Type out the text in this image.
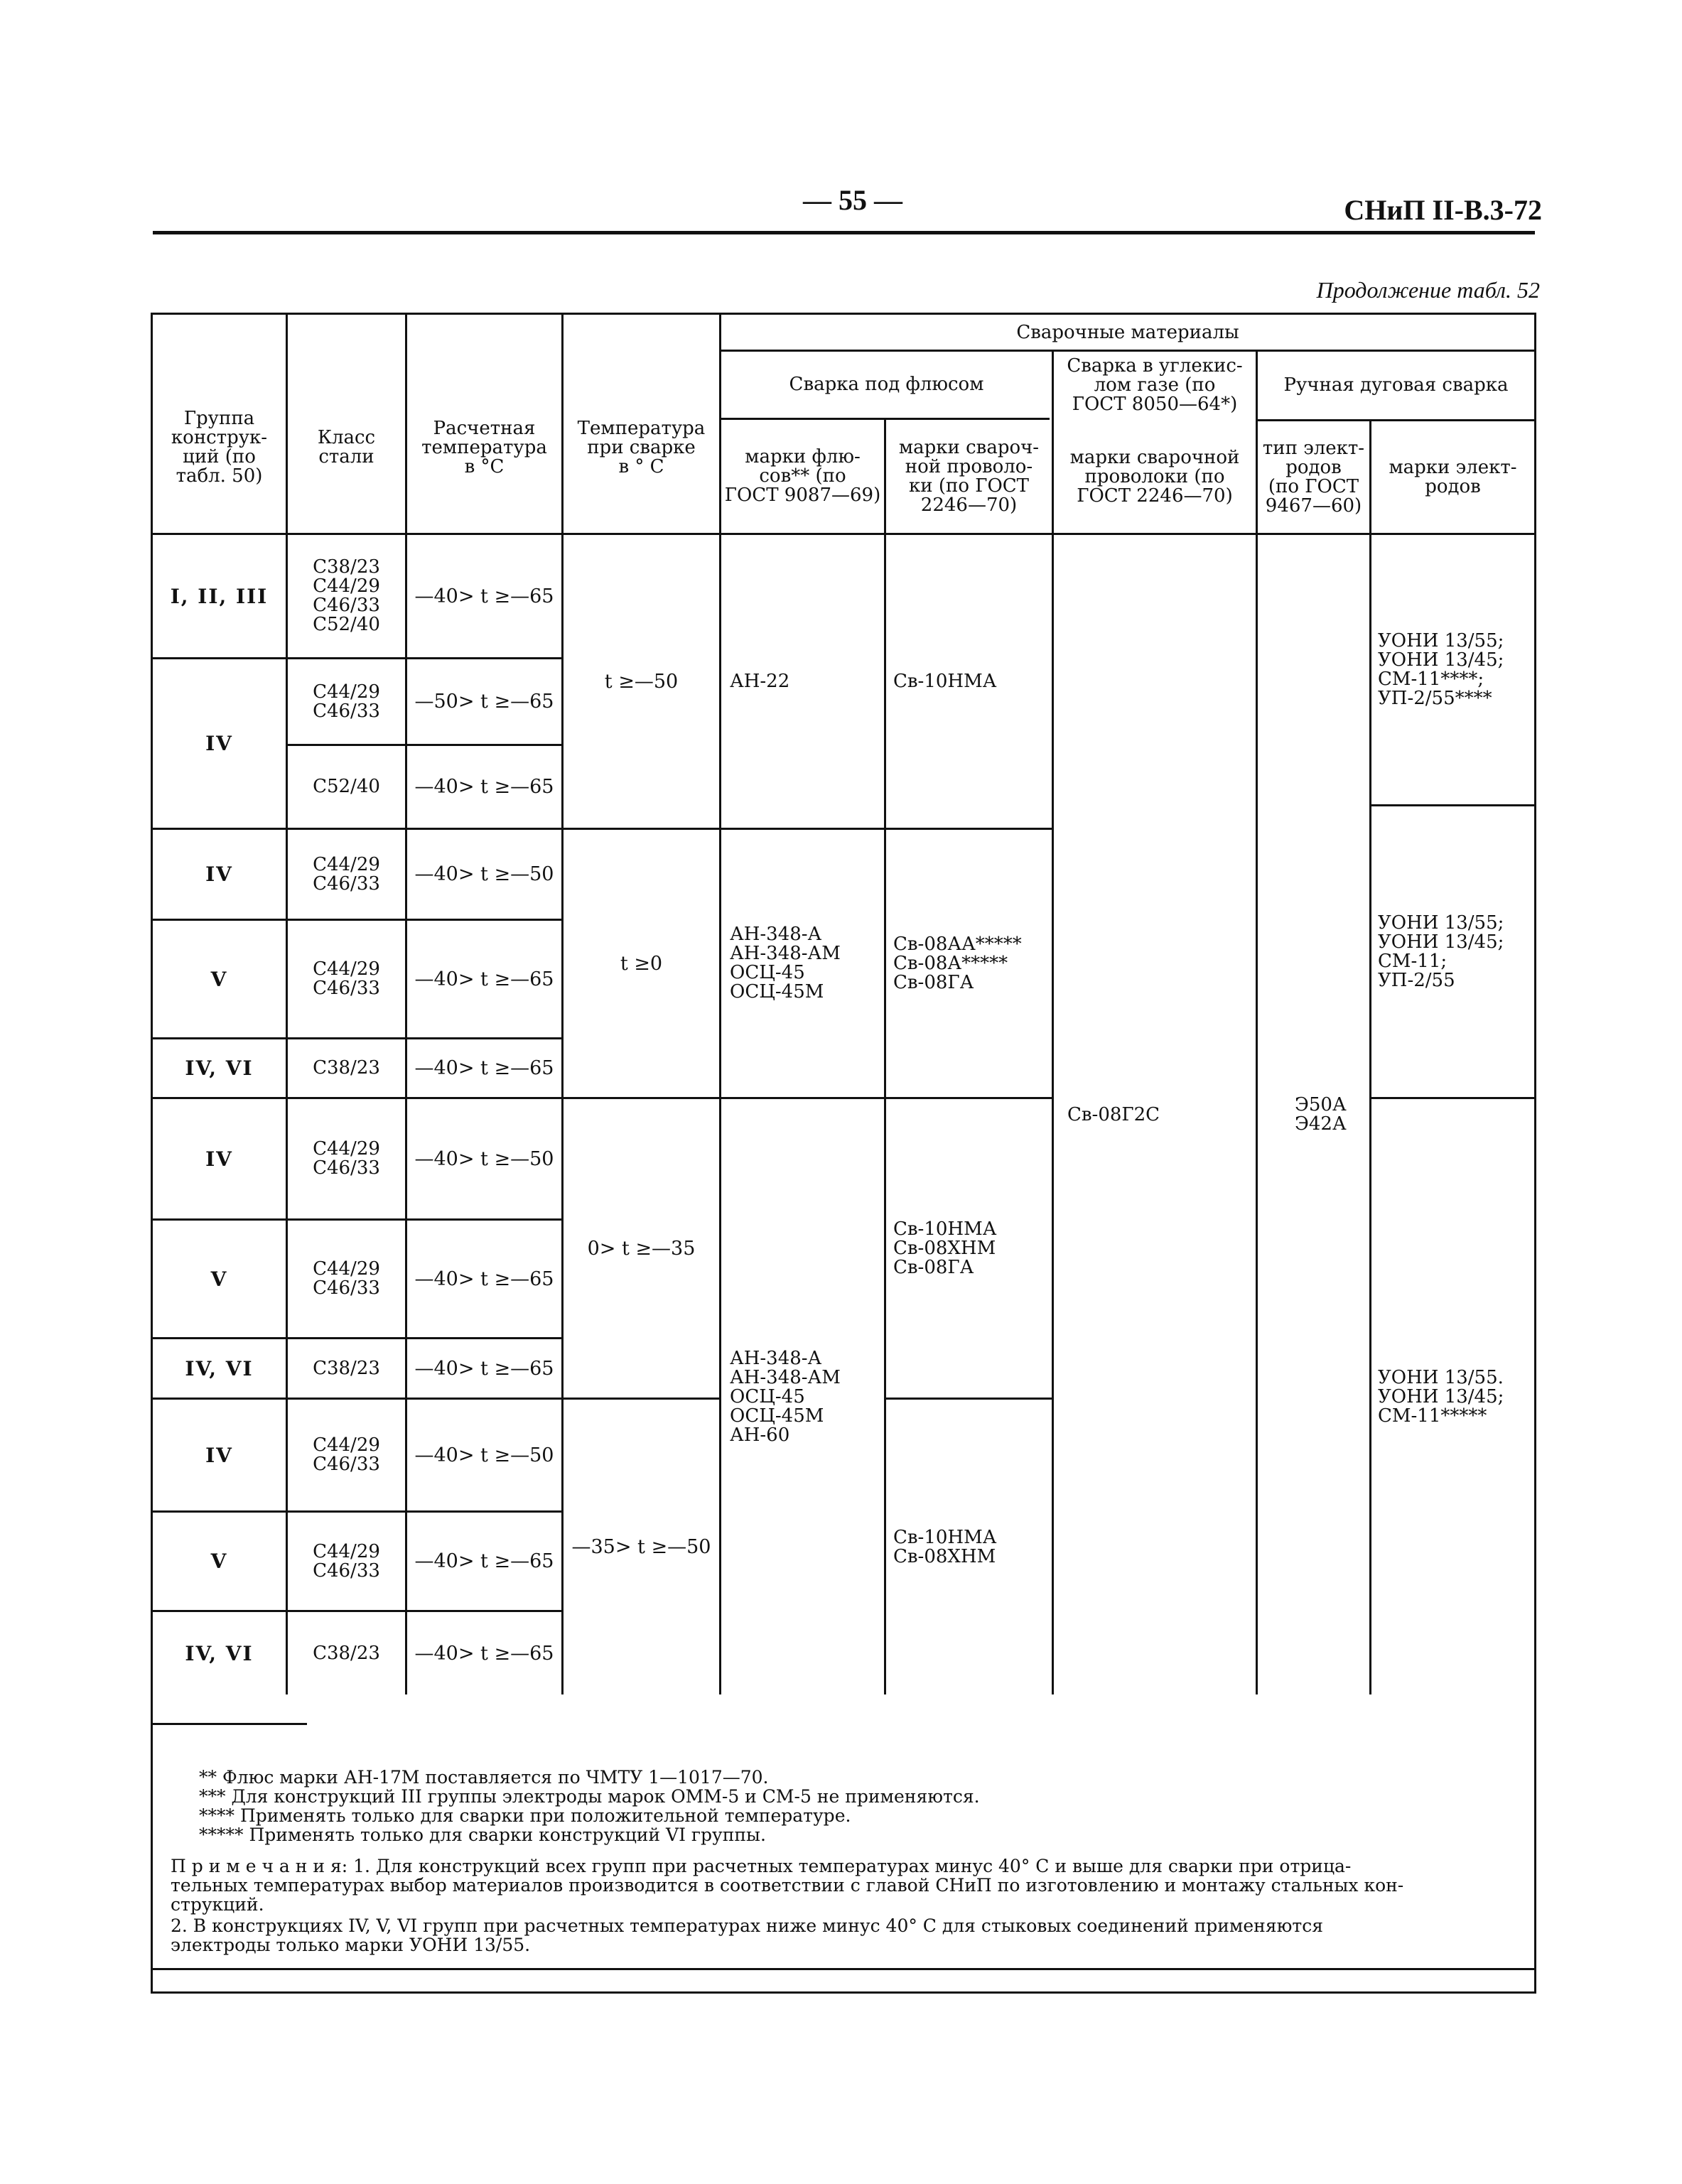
— 55 —	СНиП II-В.3-72
Продолжение табл. 52
Группа
конструк-
ций (по
табл. 50)
Класс
стали
Расчетная
температура
в °С
Температура
при сварке
в ° С
Сварочные материалы
Сварка под флюсом
Сварка в углекис-
лом газе (по
ГОСТ 8050—64*)
Ручная дуговая сварка
марки флю-
сов** (по
ГОСТ 9087—69)
марки свароч-
ной проволо-
ки (по ГОСТ
2246—70)
марки сварочной
проволоки (по
ГОСТ 2246—70)
тип элект-
родов
(по ГОСТ
9467—60)
марки элект-
родов
I, II, III
IV
IV
V
IV, VI
IV
V
IV, VI
IV
V
IV, VI
С38/23
С44/29
С46/33
С52/40
С44/29
С46/33
С52/40
С44/29
С46/33
С44/29
С46/33
С38/23
С44/29
С46/33
С44/29
С46/33
С38/23
С44/29
С46/33
С44/29
С46/33
С38/23
—40> t ≥—65
—50> t ≥—65
—40> t ≥—65
—40> t ≥—50
—40> t ≥—65
—40> t ≥—65
—40> t ≥—50
—40> t ≥—65
—40> t ≥—65
—40> t ≥—50
—40> t ≥—65
—40> t ≥—65
t ≥—50
t ≥0
0> t ≥—35
—35> t ≥—50
АН-22
АН-348-А
АН-348-АМ
ОСЦ-45
ОСЦ-45М
АН-348-А
АН-348-АМ
ОСЦ-45
ОСЦ-45М
АН-60
Св-10НМА
Св-08АА*****
Св-08А*****
Св-08ГА
Св-10НМА
Св-08ХНМ
Св-08ГА
Св-10НМА
Св-08ХНМ
Св-08Г2С	Э50А
Э42А
УОНИ 13/55;
УОНИ 13/45;
СМ-11****;
УП-2/55****
УОНИ 13/55;
УОНИ 13/45;
СМ-11;
УП-2/55
УОНИ 13/55.
УОНИ 13/45;
СМ-11*****
** Флюс марки АН-17М поставляется по ЧМТУ 1—1017—70.
*** Для конструкций III группы электроды марок ОММ-5 и СМ-5 не применяются.
**** Применять только для сварки при положительной температуре.
***** Применять только для сварки конструкций VI группы.
П р и м е ч а н и я: 1. Для конструкций всех групп при расчетных температурах минус 40° С и выше для сварки при отрица-
тельных температурах выбор материалов производится в соответствии с главой СНиП по изготовлению и монтажу стальных кон-
струкций.
2. В конструкциях IV, V, VI групп при расчетных температурах ниже минус 40° С для стыковых соединений применяются
электроды только марки УОНИ 13/55.
